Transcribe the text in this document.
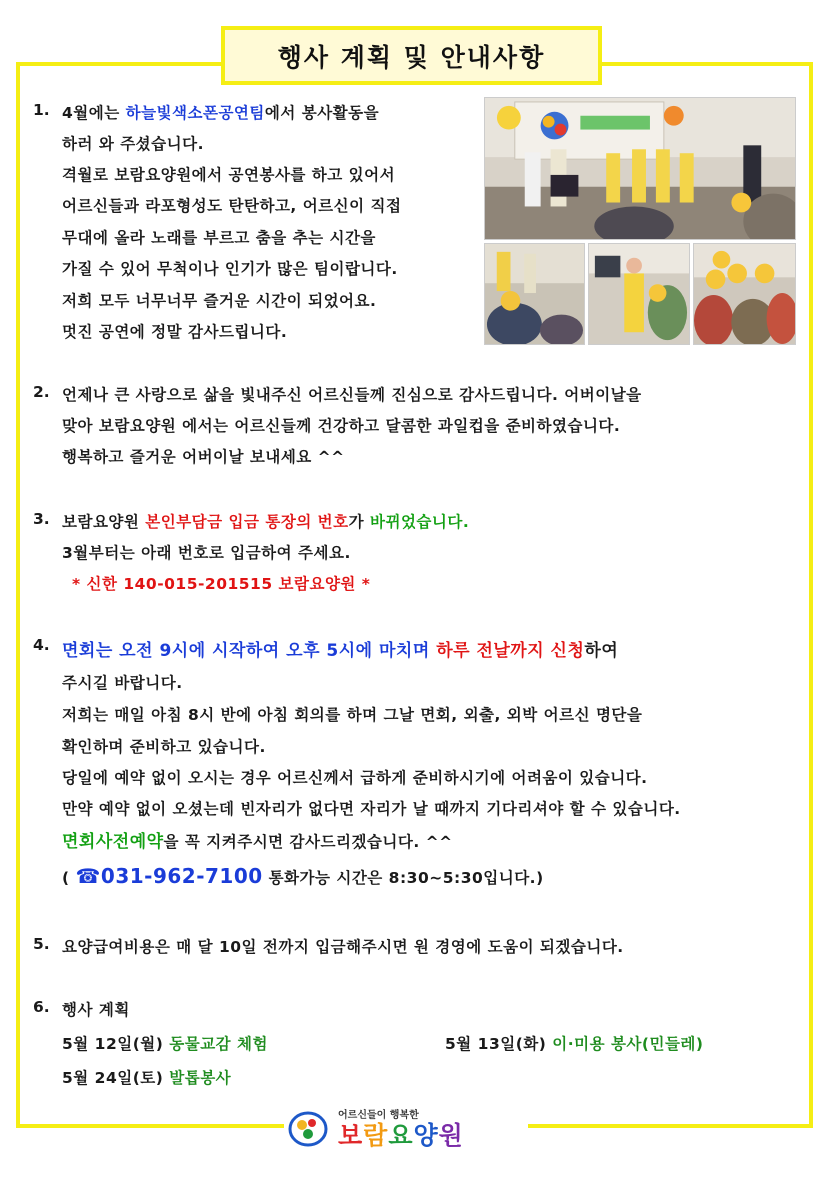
행사 계획 및 안내사항
1. 4월에는 하늘빛색소폰공연팀에서 봉사활동을
하러 와 주셨습니다.
격월로 보람요양원에서 공연봉사를 하고 있어서
어르신들과 라포형성도 탄탄하고, 어르신이 직접
무대에 올라 노래를 부르고 춤을 추는 시간을
가질 수 있어 무척이나 인기가 많은 팀이랍니다.
저희 모두 너무너무 즐거운 시간이 되었어요.
멋진 공연에 정말 감사드립니다.
2. 언제나 큰 사랑으로 삶을 빛내주신 어르신들께 진심으로 감사드립니다. 어버이날을
맞아 보람요양원 에서는 어르신들께 건강하고 달콤한 과일컵을 준비하였습니다.
행복하고 즐거운 어버이날 보내세요 ^^
3. 보람요양원 본인부담금 입금 통장의 번호가 바뀌었습니다.
3월부터는 아래 번호로 입금하여 주세요.
* 신한 140-015-201515 보람요양원 *
4. 면회는 오전 9시에 시작하여 오후 5시에 마치며 하루 전날까지 신청하여
주시길 바랍니다.
저희는 매일 아침 8시 반에 아침 회의를 하며 그날 면회, 외출, 외박 어르신 명단을
확인하며 준비하고 있습니다.
당일에 예약 없이 오시는 경우 어르신께서 급하게 준비하시기에 어려움이 있습니다.
만약 예약 없이 오셨는데 빈자리가 없다면 자리가 날 때까지 기다리셔야 할 수 있습니다.
면회사전예약을 꼭 지켜주시면 감사드리겠습니다. ^^
( ☎031-962-7100 통화가능 시간은 8:30~5:30입니다.)
5. 요양급여비용은 매 달 10일 전까지 입금해주시면 원 경영에 도움이 되겠습니다.
6. 행사 계획
5월 12일(월) 동물교감 체험	5월 13일(화) 이·미용 봉사(민들레)
5월 24일(토) 발톱봉사
어르신들이 행복한
보람요양원
